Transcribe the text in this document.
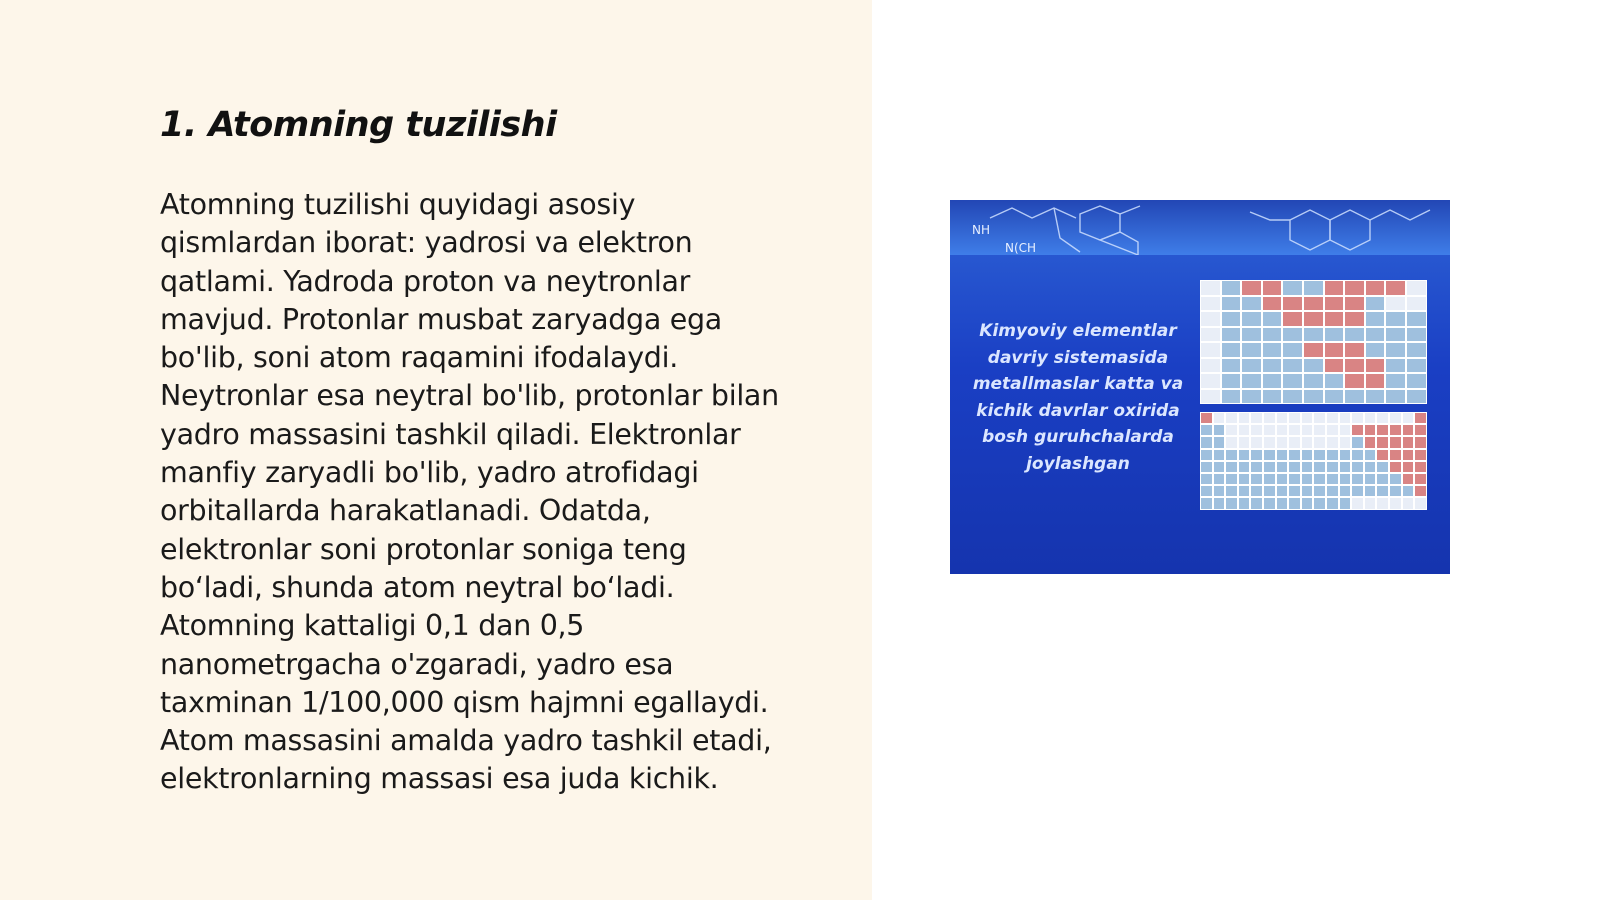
1. Atomning tuzilishi

Atomning tuzilishi quyidagi asosiy
qismlardan iborat: yadrosi va elektron
qatlami. Yadroda proton va neytronlar
mavjud. Protonlar musbat zaryadga ega
bo'lib, soni atom raqamini ifodalaydi.
Neytronlar esa neytral bo'lib, protonlar bilan
yadro massasini tashkil qiladi. Elektronlar
manfiy zaryadli bo'lib, yadro atrofidagi
orbitallarda harakatlanadi. Odatda,
elektronlar soni protonlar soniga teng
bo‘ladi, shunda atom neytral bo‘ladi.
Atomning kattaligi 0,1 dan 0,5
nanometrgacha o'zgaradi, yadro esa
taxminan 1/100,000 qism hajmni egallaydi.
Atom massasini amalda yadro tashkil etadi,
elektronlarning massasi esa juda kichik.

NH
N(CH

Kimyoviy elementlar
davriy sistemasida
metallmaslar katta va
kichik davrlar oxirida
bosh guruhchalarda
joylashgan
